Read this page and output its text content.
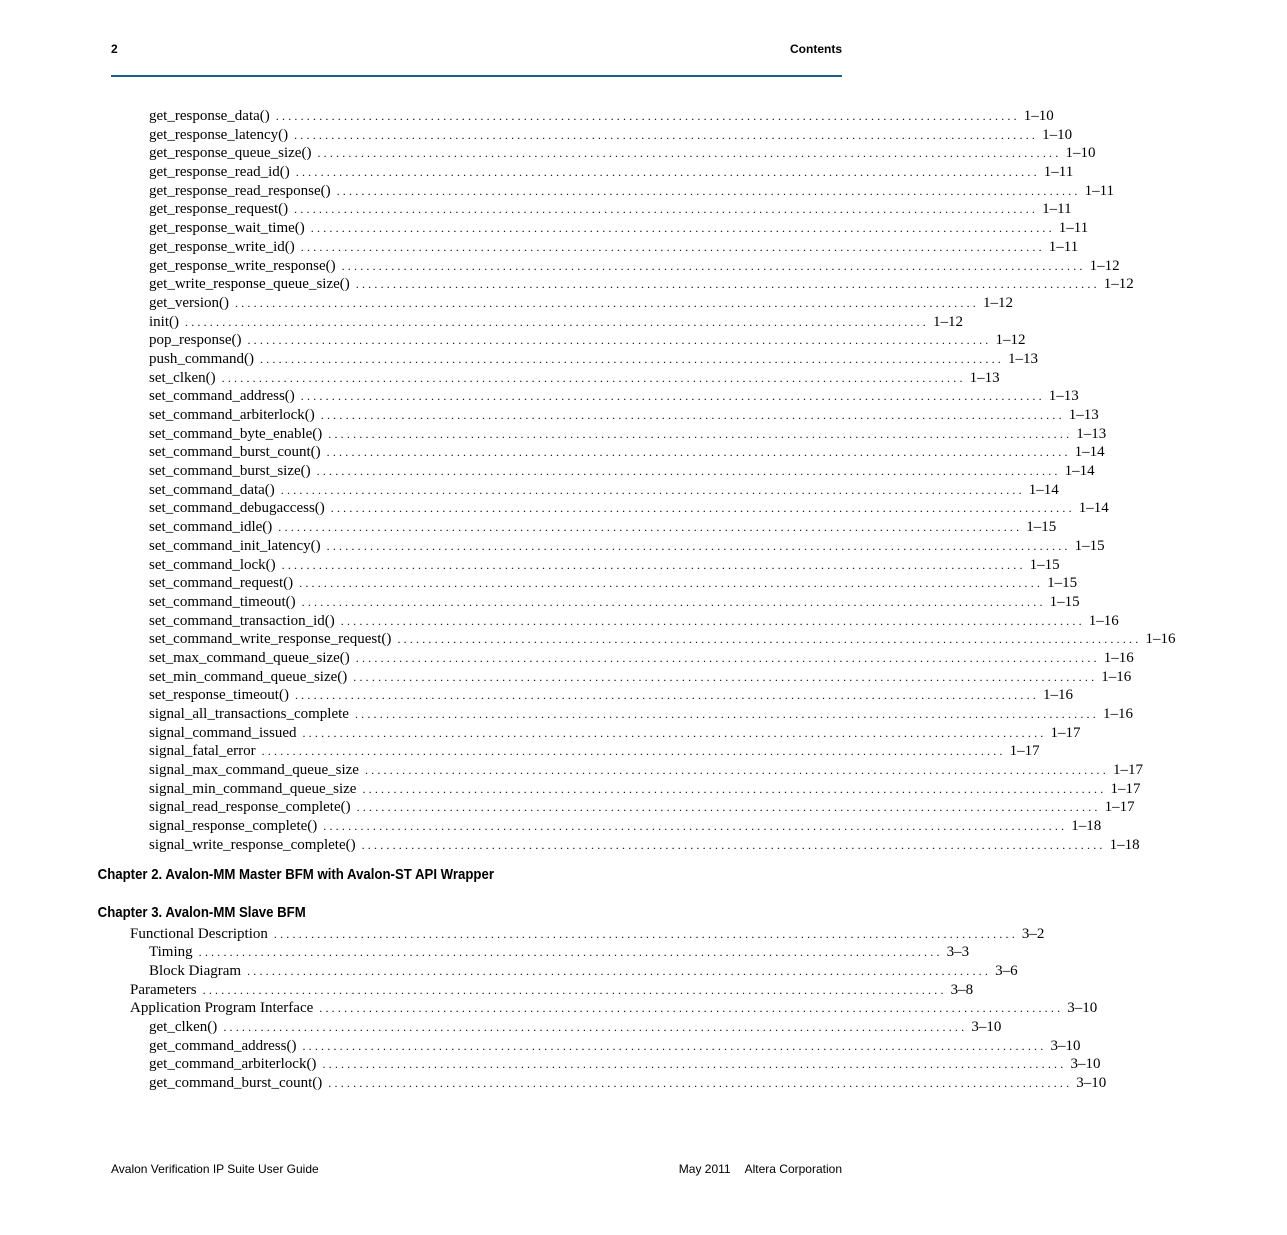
2	Contents
get_response_data() ........................................................................................................................ 1–10
get_response_latency() ........................................................................................................................ 1–10
get_response_queue_size() ........................................................................................................................ 1–10
get_response_read_id() ........................................................................................................................ 1–11
get_response_read_response() ........................................................................................................................ 1–11
get_response_request() ........................................................................................................................ 1–11
get_response_wait_time() ........................................................................................................................ 1–11
get_response_write_id() ........................................................................................................................ 1–11
get_response_write_response() ........................................................................................................................ 1–12
get_write_response_queue_size() ........................................................................................................................ 1–12
get_version() ........................................................................................................................ 1–12
init() ........................................................................................................................ 1–12
pop_response() ........................................................................................................................ 1–12
push_command() ........................................................................................................................ 1–13
set_clken() ........................................................................................................................ 1–13
set_command_address() ........................................................................................................................ 1–13
set_command_arbiterlock() ........................................................................................................................ 1–13
set_command_byte_enable() ........................................................................................................................ 1–13
set_command_burst_count() ........................................................................................................................ 1–14
set_command_burst_size() ........................................................................................................................ 1–14
set_command_data() ........................................................................................................................ 1–14
set_command_debugaccess() ........................................................................................................................ 1–14
set_command_idle() ........................................................................................................................ 1–15
set_command_init_latency() ........................................................................................................................ 1–15
set_command_lock() ........................................................................................................................ 1–15
set_command_request() ........................................................................................................................ 1–15
set_command_timeout() ........................................................................................................................ 1–15
set_command_transaction_id() ........................................................................................................................ 1–16
set_command_write_response_request() ........................................................................................................................ 1–16
set_max_command_queue_size() ........................................................................................................................ 1–16
set_min_command_queue_size() ........................................................................................................................ 1–16
set_response_timeout() ........................................................................................................................ 1–16
signal_all_transactions_complete ........................................................................................................................ 1–16
signal_command_issued ........................................................................................................................ 1–17
signal_fatal_error ........................................................................................................................ 1–17
signal_max_command_queue_size ........................................................................................................................ 1–17
signal_min_command_queue_size ........................................................................................................................ 1–17
signal_read_response_complete() ........................................................................................................................ 1–17
signal_response_complete() ........................................................................................................................ 1–18
signal_write_response_complete() ........................................................................................................................ 1–18
Chapter 2. Avalon-MM Master BFM with Avalon-ST API Wrapper
Chapter 3. Avalon-MM Slave BFM
Functional Description ........................................................................................................................ 3–2
Timing ........................................................................................................................ 3–3
Block Diagram ........................................................................................................................ 3–6
Parameters ........................................................................................................................ 3–8
Application Program Interface ........................................................................................................................ 3–10
get_clken() ........................................................................................................................ 3–10
get_command_address() ........................................................................................................................ 3–10
get_command_arbiterlock() ........................................................................................................................ 3–10
get_command_burst_count() ........................................................................................................................ 3–10
Avalon Verification IP Suite User Guide	May 2011 Altera Corporation
